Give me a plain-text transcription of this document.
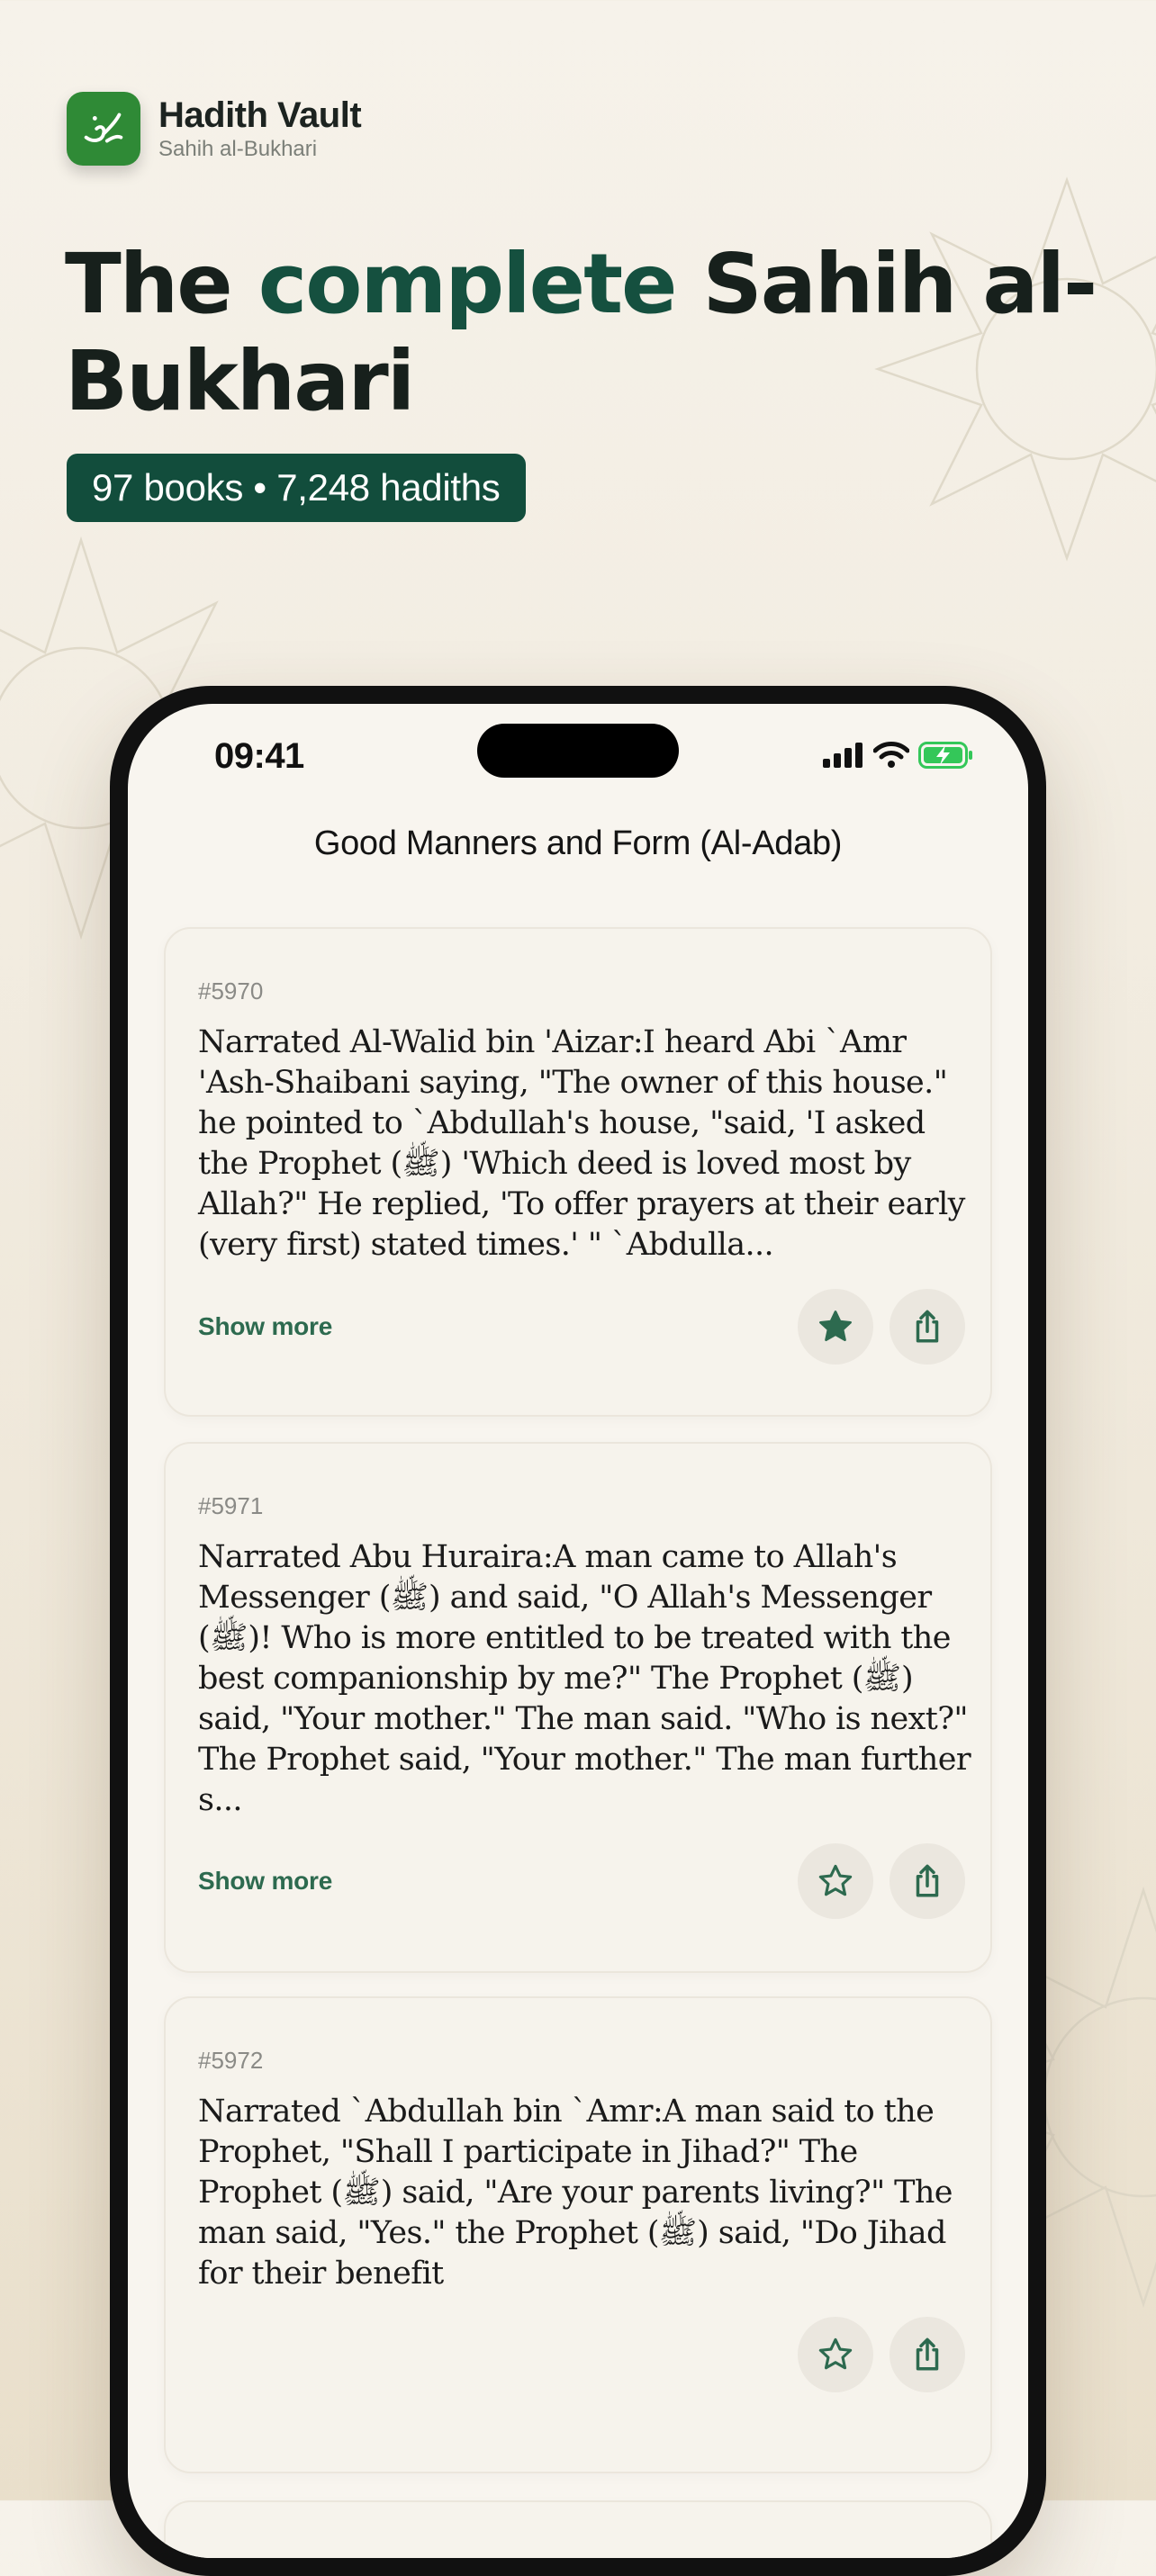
Hadith Vault
Sahih al-Bukhari
The complete Sahih al-Bukhari
97 books • 7,248 hadiths
09:41
Good Manners and Form (Al-Adab)
#5970

Narrated Al-Walid bin 'Aizar:I heard Abi `Amr 'Ash-Shaibani saying, "The owner of this house." he pointed to `Abdullah's house, "said, 'I asked the Prophet (ﷺ) 'Which deed is loved most by Allah?" He replied, 'To offer prayers at their early (very first) stated times.' " `Abdulla...

Show more
#5971

Narrated Abu Huraira:A man came to Allah's Messenger (ﷺ) and said, "O Allah's Messenger (ﷺ)! Who is more entitled to be treated with the best companionship by me?" The Prophet (ﷺ) said, "Your mother." The man said. "Who is next?" The Prophet said, "Your mother." The man further s...

Show more
#5972

Narrated `Abdullah bin `Amr:A man said to the Prophet, "Shall I participate in Jihad?" The Prophet (ﷺ) said, "Are your parents living?" The man said, "Yes." the Prophet (ﷺ) said, "Do Jihad for their benefit
